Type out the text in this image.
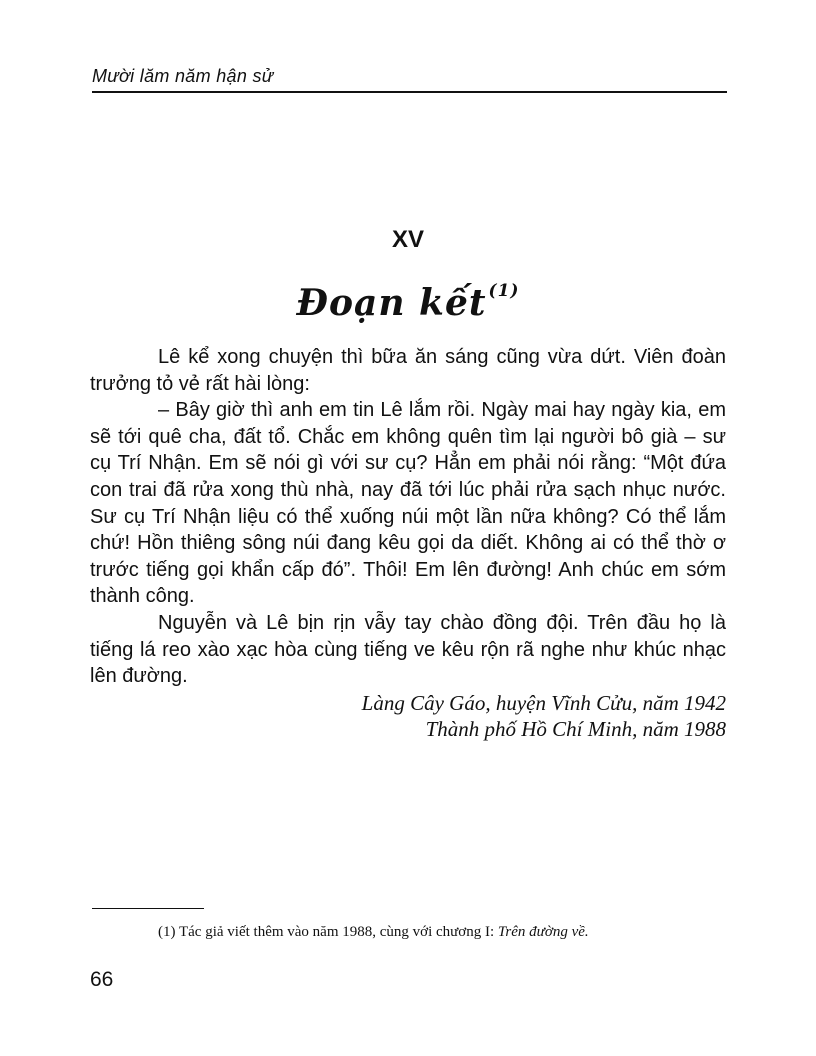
Mười lăm năm hận sử
XV
Đoạn kết $^{(1)}$

Lê kể xong chuyện thì bữa ăn sáng cũng vừa dứt. Viên đoàn trưởng tỏ vẻ rất hài lòng:

– Bây giờ thì anh em tin Lê lắm rồi. Ngày mai hay ngày kia, em sẽ tới quê cha, đất tổ. Chắc em không quên tìm lại người bô già – sư cụ Trí Nhận. Em sẽ nói gì với sư cụ? Hẳn em phải nói rằng: “Một đứa con trai đã rửa xong thù nhà, nay đã tới lúc phải rửa sạch nhục nước. Sư cụ Trí Nhận liệu có thể xuống núi một lần nữa không? Có thể lắm chứ! Hồn thiêng sông núi đang kêu gọi da diết. Không ai có thể thờ ơ trước tiếng gọi khẩn cấp đó”. Thôi! Em lên đường! Anh chúc em sớm thành công.

Nguyễn và Lê bịn rịn vẫy tay chào đồng đội. Trên đầu họ là tiếng lá reo xào xạc hòa cùng tiếng ve kêu rộn rã nghe như khúc nhạc lên đường.

Làng Cây Gáo, huyện Vĩnh Cửu, năm 1942
Thành phố Hồ Chí Minh, năm 1988
(1) Tác giả viết thêm vào năm 1988, cùng với chương I: Trên đường về.
66
